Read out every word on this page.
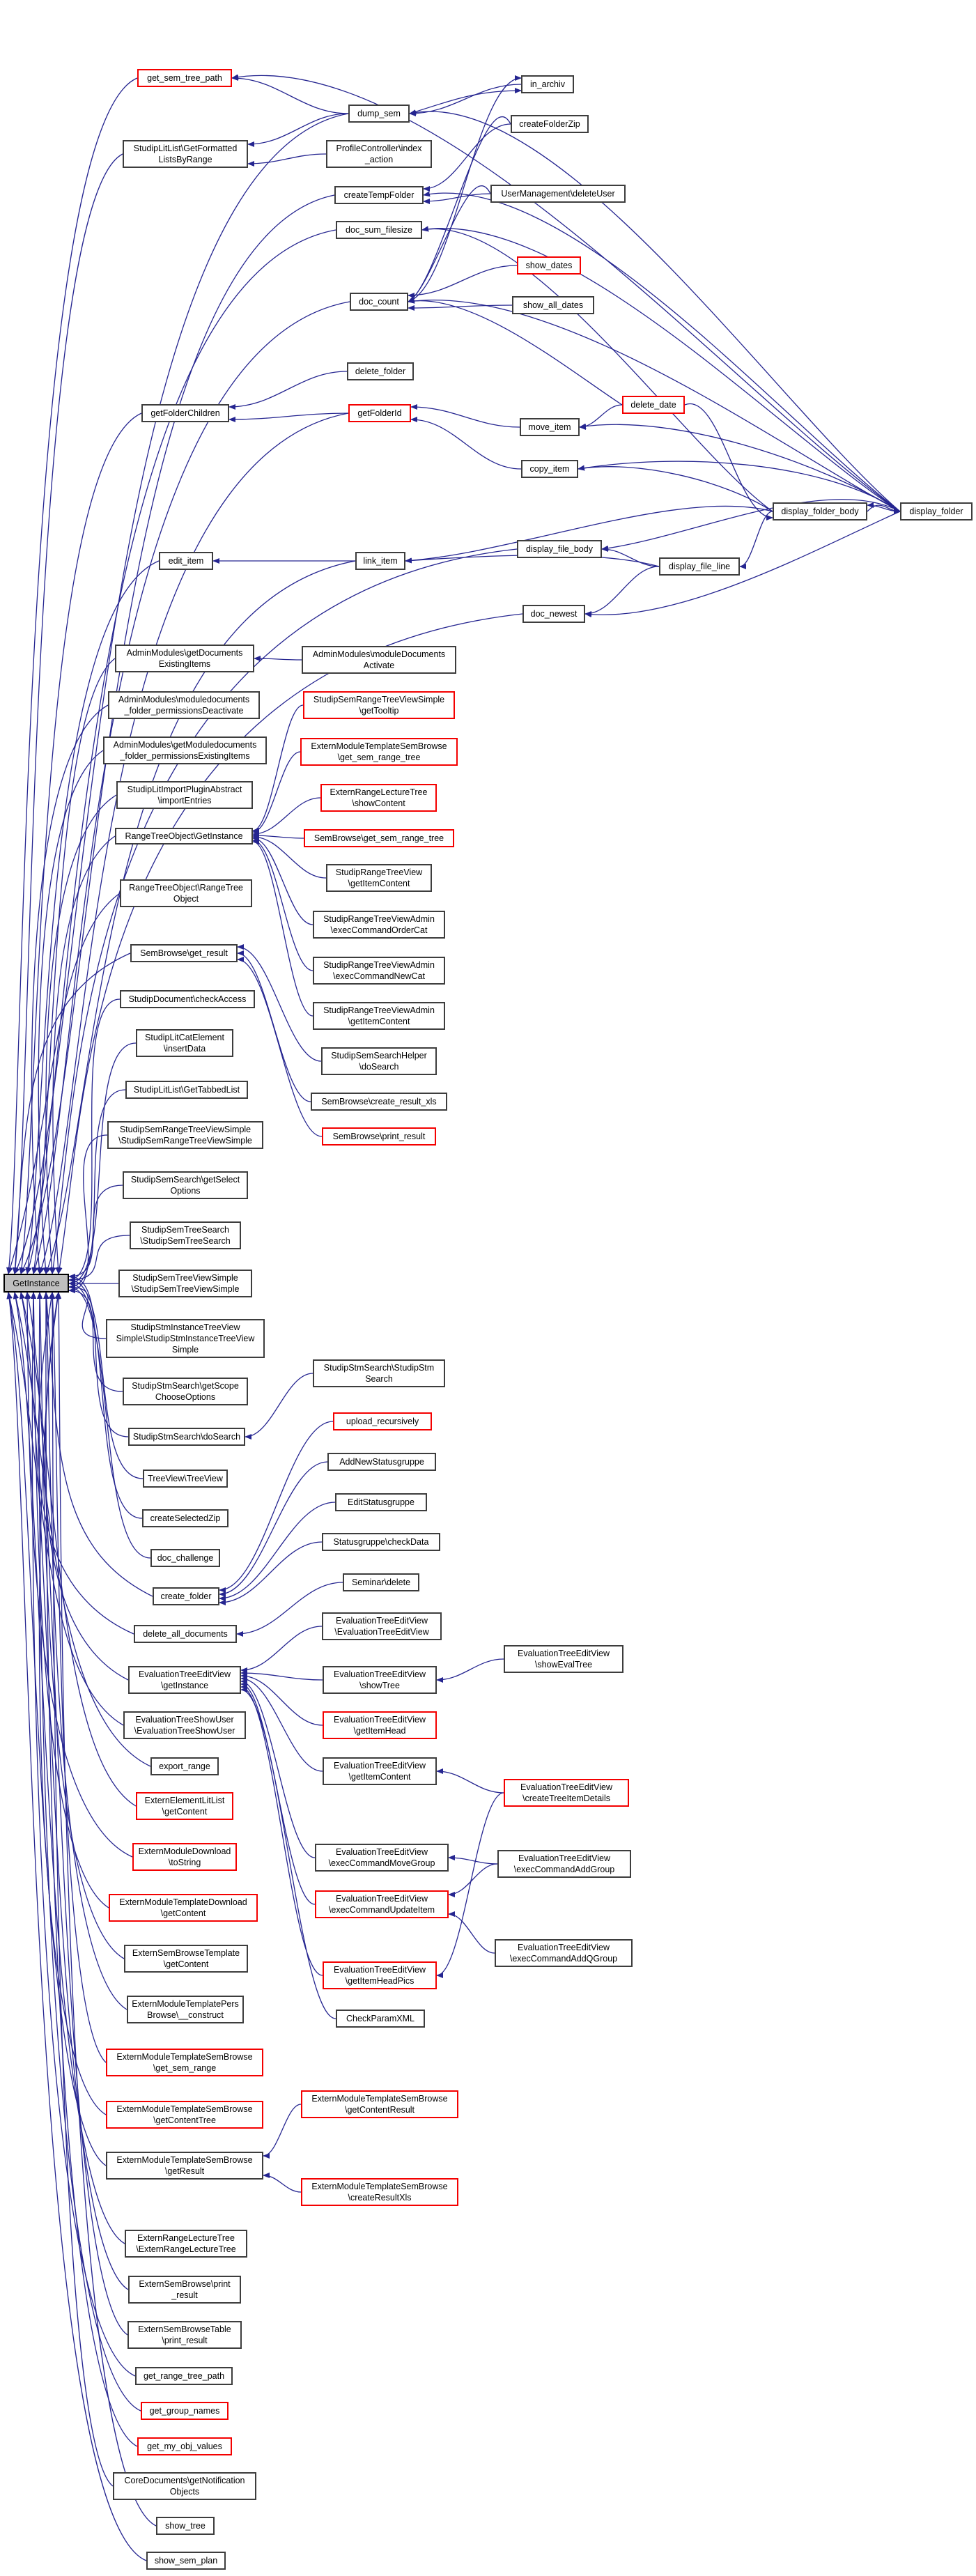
GetInstance
get_sem_tree_path
StudipLitList\GetFormatted
ListsByRange
getFolderChildren
edit_item
AdminModules\getDocuments
ExistingItems
AdminModules\moduledocuments
_folder_permissionsDeactivate
AdminModules\getModuledocuments
_folder_permissionsExistingItems
StudipLitImportPluginAbstract
\importEntries
RangeTreeObject\GetInstance
RangeTreeObject\RangeTree
Object
SemBrowse\get_result
StudipDocument\checkAccess
StudipLitCatElement
\insertData
StudipLitList\GetTabbedList
StudipSemRangeTreeViewSimple
\StudipSemRangeTreeViewSimple
StudipSemSearch\getSelect
Options
StudipSemTreeSearch
\StudipSemTreeSearch
StudipSemTreeViewSimple
\StudipSemTreeViewSimple
StudipStmInstanceTreeView
Simple\StudipStmInstanceTreeView
Simple
StudipStmSearch\getScope
ChooseOptions
StudipStmSearch\doSearch
TreeView\TreeView
createSelectedZip
doc_challenge
create_folder
delete_all_documents
EvaluationTreeEditView
\getInstance
EvaluationTreeShowUser
\EvaluationTreeShowUser
export_range
ExternElementLitList
\getContent
ExternModuleDownload
\toString
ExternModuleTemplateDownload
\getContent
ExternSemBrowseTemplate
\getContent
ExternModuleTemplatePers
Browse\__construct
ExternModuleTemplateSemBrowse
\get_sem_range
ExternModuleTemplateSemBrowse
\getContentTree
ExternModuleTemplateSemBrowse
\getResult
ExternRangeLectureTree
\ExternRangeLectureTree
ExternSemBrowse\print
_result
ExternSemBrowseTable
\print_result
get_range_tree_path
get_group_names
get_my_obj_values
CoreDocuments\getNotification
Objects
show_tree
show_sem_plan
dump_sem
ProfileController\index
_action
createTempFolder
doc_sum_filesize
doc_count
delete_folder
getFolderId
link_item
AdminModules\moduleDocuments
Activate
StudipSemRangeTreeViewSimple
\getTooltip
ExternModuleTemplateSemBrowse
\get_sem_range_tree
ExternRangeLectureTree
\showContent
SemBrowse\get_sem_range_tree
StudipRangeTreeView
\getItemContent
StudipRangeTreeViewAdmin
\execCommandOrderCat
StudipRangeTreeViewAdmin
\execCommandNewCat
StudipRangeTreeViewAdmin
\getItemContent
StudipSemSearchHelper
\doSearch
SemBrowse\create_result_xls
SemBrowse\print_result
StudipStmSearch\StudipStm
Search
upload_recursively
AddNewStatusgruppe
EditStatusgruppe
Statusgruppe\checkData
Seminar\delete
EvaluationTreeEditView
\EvaluationTreeEditView
EvaluationTreeEditView
\showTree
EvaluationTreeEditView
\getItemHead
EvaluationTreeEditView
\getItemContent
EvaluationTreeEditView
\execCommandMoveGroup
EvaluationTreeEditView
\execCommandUpdateItem
EvaluationTreeEditView
\getItemHeadPics
CheckParamXML
ExternModuleTemplateSemBrowse
\getContentResult
ExternModuleTemplateSemBrowse
\createResultXls
in_archiv
createFolderZip
UserManagement\deleteUser
show_dates
show_all_dates
delete_date
move_item
copy_item
display_file_body
display_file_line
doc_newest
EvaluationTreeEditView
\showEvalTree
EvaluationTreeEditView
\createTreeItemDetails
EvaluationTreeEditView
\execCommandAddGroup
EvaluationTreeEditView
\execCommandAddQGroup
display_folder_body	display_folder
